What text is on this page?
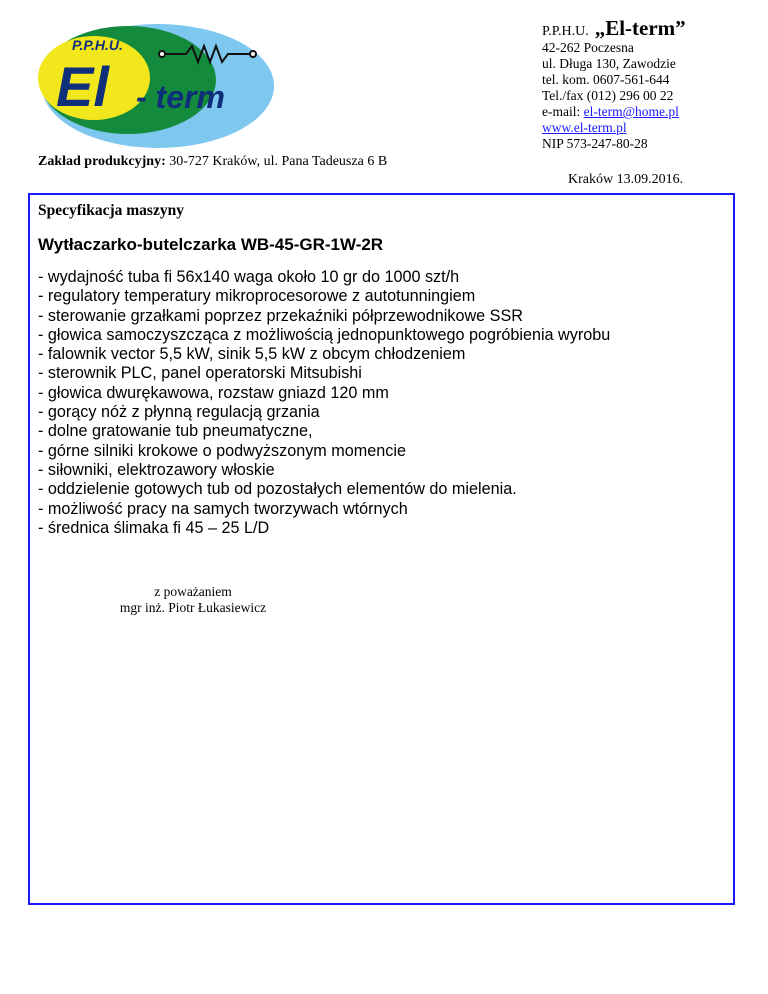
P.P.H.U.
El - term
P.P.H.U. „El-term”
42-262 Poczesna
ul. Długa 130, Zawodzie
tel. kom. 0607-561-644
Tel./fax (012) 296 00 22
e-mail: el-term@home.pl
www.el-term.pl
NIP 573-247-80-28
Zakład produkcyjny: 30-727 Kraków, ul. Pana Tadeusza 6 B
Kraków 13.09.2016.
Specyfikacja maszyny
Wytłaczarko-butelczarka WB-45-GR-1W-2R
- wydajność tuba fi 56x140 waga około 10 gr do 1000 szt/h
- regulatory temperatury mikroprocesorowe z autotunningiem
- sterowanie grzałkami poprzez przekaźniki półprzewodnikowe SSR
- głowica samoczyszcząca z możliwością jednopunktowego pogróbienia wyrobu
- falownik vector 5,5 kW, sinik 5,5 kW z obcym chłodzeniem
- sterownik PLC, panel operatorski Mitsubishi
- głowica dwurękawowa, rozstaw gniazd 120 mm
- gorący nóż z płynną regulacją grzania
- dolne gratowanie tub pneumatyczne,
- górne silniki krokowe o podwyższonym momencie
- siłowniki, elektrozawory włoskie
- oddzielenie gotowych tub od pozostałych elementów do mielenia.
- możliwość pracy na samych tworzywach wtórnych
- średnica ślimaka fi 45 – 25 L/D
z poważaniem
mgr inż. Piotr Łukasiewicz
